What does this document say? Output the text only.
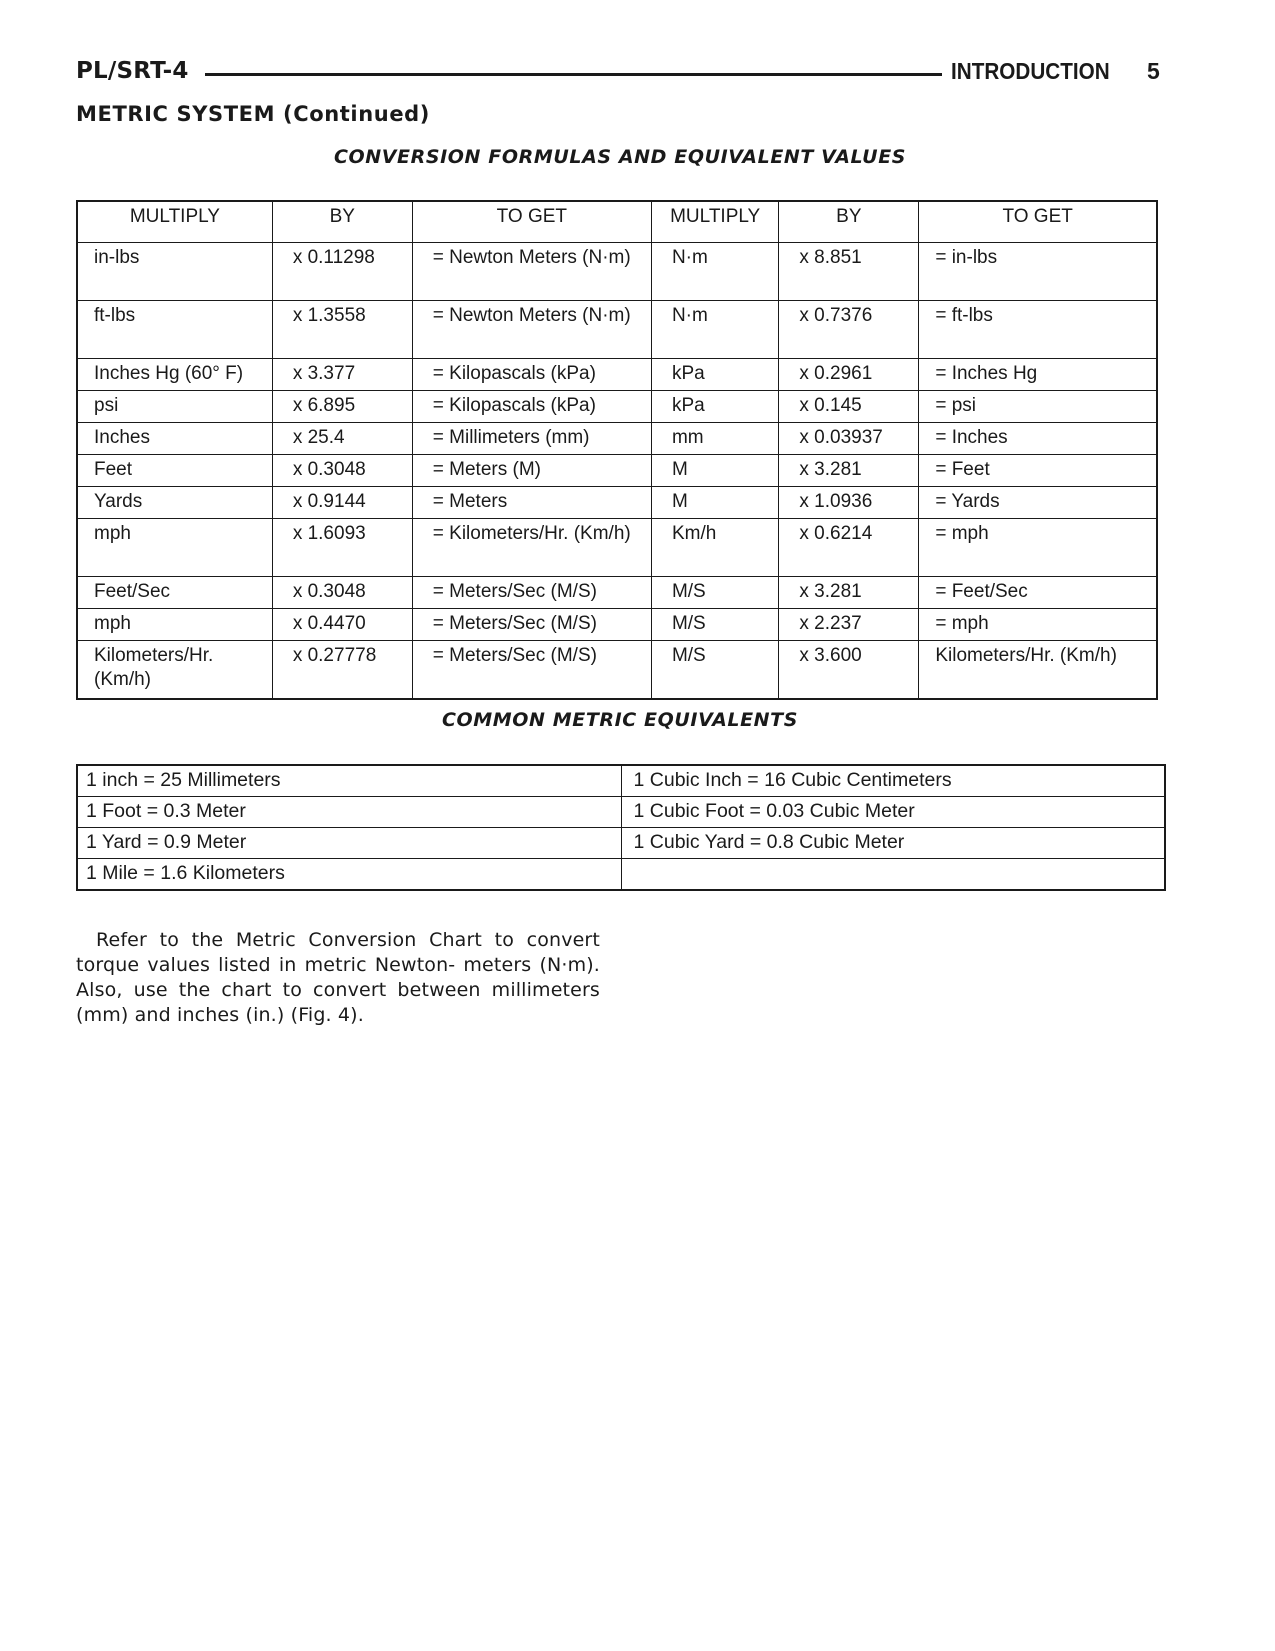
PL/SRT-4	INTRODUCTION 5
METRIC SYSTEM (Continued)
CONVERSION FORMULAS AND EQUIVALENT VALUES
MULTIPLY	BY	TO GET	MULTIPLY	BY	TO GET
in-lbs	x 0.11298	= Newton Meters (N·m)	N·m	x 8.851	= in-lbs
ft-lbs	x 1.3558	= Newton Meters (N·m)	N·m	x 0.7376	= ft-lbs
Inches Hg (60° F)	x 3.377	= Kilopascals (kPa)	kPa	x 0.2961	= Inches Hg
psi	x 6.895	= Kilopascals (kPa)	kPa	x 0.145	= psi
Inches	x 25.4	= Millimeters (mm)	mm	x 0.03937	= Inches
Feet	x 0.3048	= Meters (M)	M	x 3.281	= Feet
Yards	x 0.9144	= Meters	M	x 1.0936	= Yards
mph	x 1.6093	= Kilometers/Hr. (Km/h)	Km/h	x 0.6214	= mph
Feet/Sec	x 0.3048	= Meters/Sec (M/S)	M/S	x 3.281	= Feet/Sec
mph	x 0.4470	= Meters/Sec (M/S)	M/S	x 2.237	= mph
Kilometers/Hr. (Km/h)	x 0.27778	= Meters/Sec (M/S)	M/S	x 3.600	Kilometers/Hr. (Km/h)
COMMON METRIC EQUIVALENTS
1 inch = 25 Millimeters	1 Cubic Inch = 16 Cubic Centimeters
1 Foot = 0.3 Meter	1 Cubic Foot = 0.03 Cubic Meter
1 Yard = 0.9 Meter	1 Cubic Yard = 0.8 Cubic Meter
1 Mile = 1.6 Kilometers	
Refer to the Metric Conversion Chart to convert torque values listed in metric Newton- meters (N·m). Also, use the chart to convert between millimeters (mm) and inches (in.) (Fig. 4).
